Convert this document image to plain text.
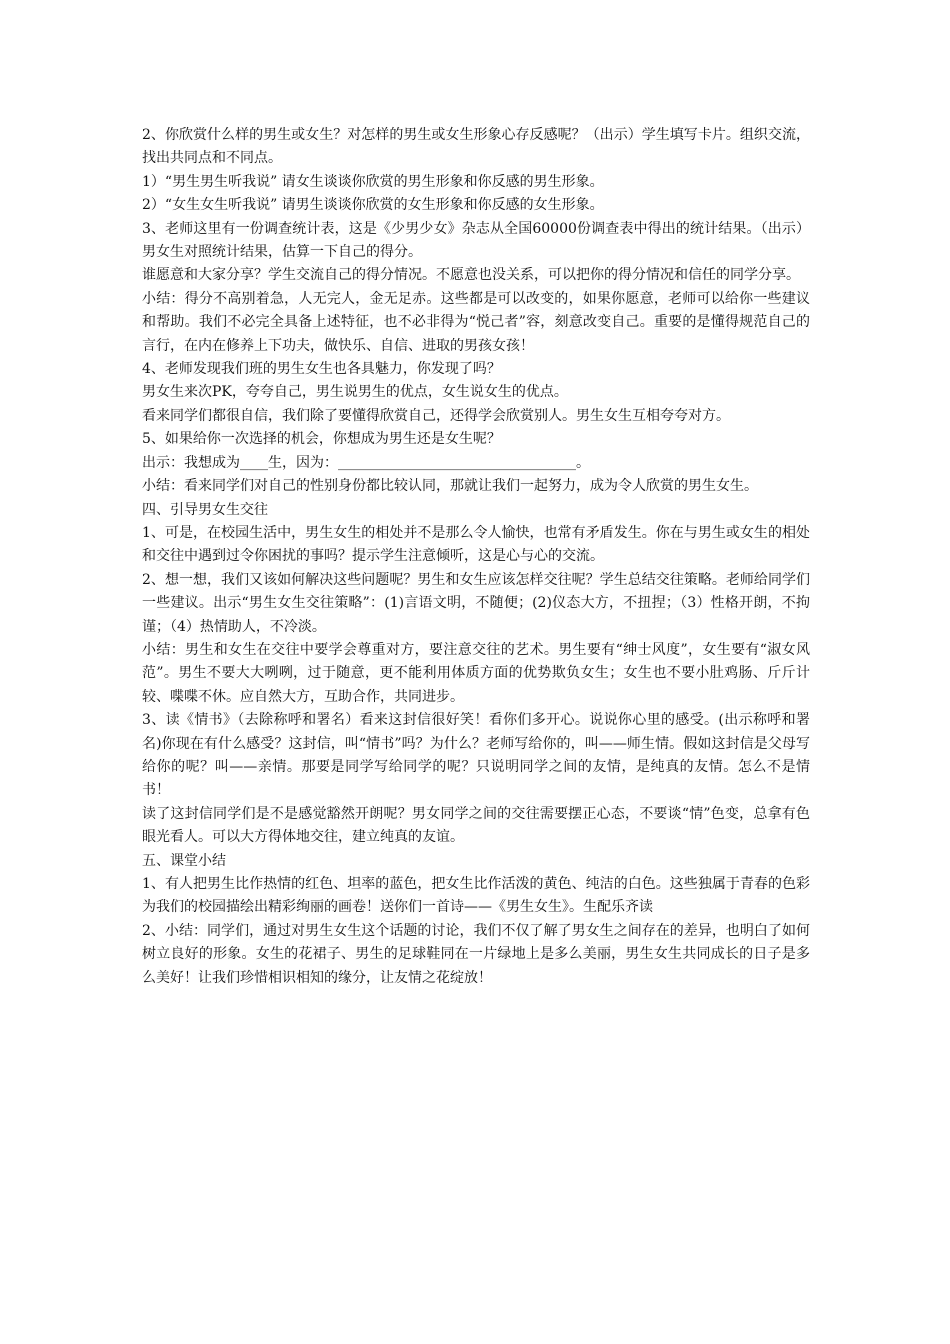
2、你欣赏什么样的男生或女生？对怎样的男生或女生形象心存反感呢？（出示）学生填写卡片。组织交流，找出共同点和不同点。

1）“男生男生听我说” 请女生谈谈你欣赏的男生形象和你反感的男生形象。

2）“女生女生听我说” 请男生谈谈你欣赏的女生形象和你反感的女生形象。

3、老师这里有一份调查统计表，这是《少男少女》杂志从全国60000份调查表中得出的统计结果。（出示）男女生对照统计结果，估算一下自己的得分。

谁愿意和大家分享？学生交流自己的得分情况。不愿意也没关系，可以把你的得分情况和信任的同学分享。

小结：得分不高别着急，人无完人，金无足赤。这些都是可以改变的，如果你愿意，老师可以给你一些建议和帮助。我们不必完全具备上述特征，也不必非得为“悦己者”容，刻意改变自己。重要的是懂得规范自己的言行，在内在修养上下功夫，做快乐、自信、进取的男孩女孩！

4、老师发现我们班的男生女生也各具魅力，你发现了吗？

男女生来次PK，夸夸自己，男生说男生的优点，女生说女生的优点。

看来同学们都很自信，我们除了要懂得欣赏自己，还得学会欣赏别人。男生女生互相夸夸对方。

5、如果给你一次选择的机会，你想成为男生还是女生呢？

出示：我想成为____生，因为：__________________________________。

小结：看来同学们对自己的性别身份都比较认同，那就让我们一起努力，成为令人欣赏的男生女生。

四、引导男女生交往

1、可是，在校园生活中，男生女生的相处并不是那么令人愉快，也常有矛盾发生。你在与男生或女生的相处和交往中遇到过令你困扰的事吗？提示学生注意倾听，这是心与心的交流。

2、想一想，我们又该如何解决这些问题呢？男生和女生应该怎样交往呢？学生总结交往策略。老师给同学们一些建议。出示“男生女生交往策略”：(1)言语文明，不随便；(2)仪态大方，不扭捏；（3）性格开朗，不拘谨；（4）热情助人，不冷淡。

小结：男生和女生在交往中要学会尊重对方，要注意交往的艺术。男生要有“绅士风度”，女生要有“淑女风范”。男生不要大大咧咧，过于随意，更不能利用体质方面的优势欺负女生；女生也不要小肚鸡肠、斤斤计较、喋喋不休。应自然大方，互助合作，共同进步。

3、读《情书》（去除称呼和署名）看来这封信很好笑！看你们多开心。说说你心里的感受。(出示称呼和署名)你现在有什么感受？这封信，叫“情书”吗？为什么？老师写给你的，叫——师生情。假如这封信是父母写给你的呢？叫——亲情。那要是同学写给同学的呢？只说明同学之间的友情，是纯真的友情。怎么不是情书！

读了这封信同学们是不是感觉豁然开朗呢？男女同学之间的交往需要摆正心态，不要谈“情”色变，总拿有色眼光看人。可以大方得体地交往，建立纯真的友谊。

五、课堂小结

1、有人把男生比作热情的红色、坦率的蓝色，把女生比作活泼的黄色、纯洁的白色。这些独属于青春的色彩为我们的校园描绘出精彩绚丽的画卷！送你们一首诗——《男生女生》。生配乐齐读

2、小结：同学们，通过对男生女生这个话题的讨论，我们不仅了解了男女生之间存在的差异，也明白了如何树立良好的形象。女生的花裙子、男生的足球鞋同在一片绿地上是多么美丽，男生女生共同成长的日子是多么美好！让我们珍惜相识相知的缘分，让友情之花绽放！
